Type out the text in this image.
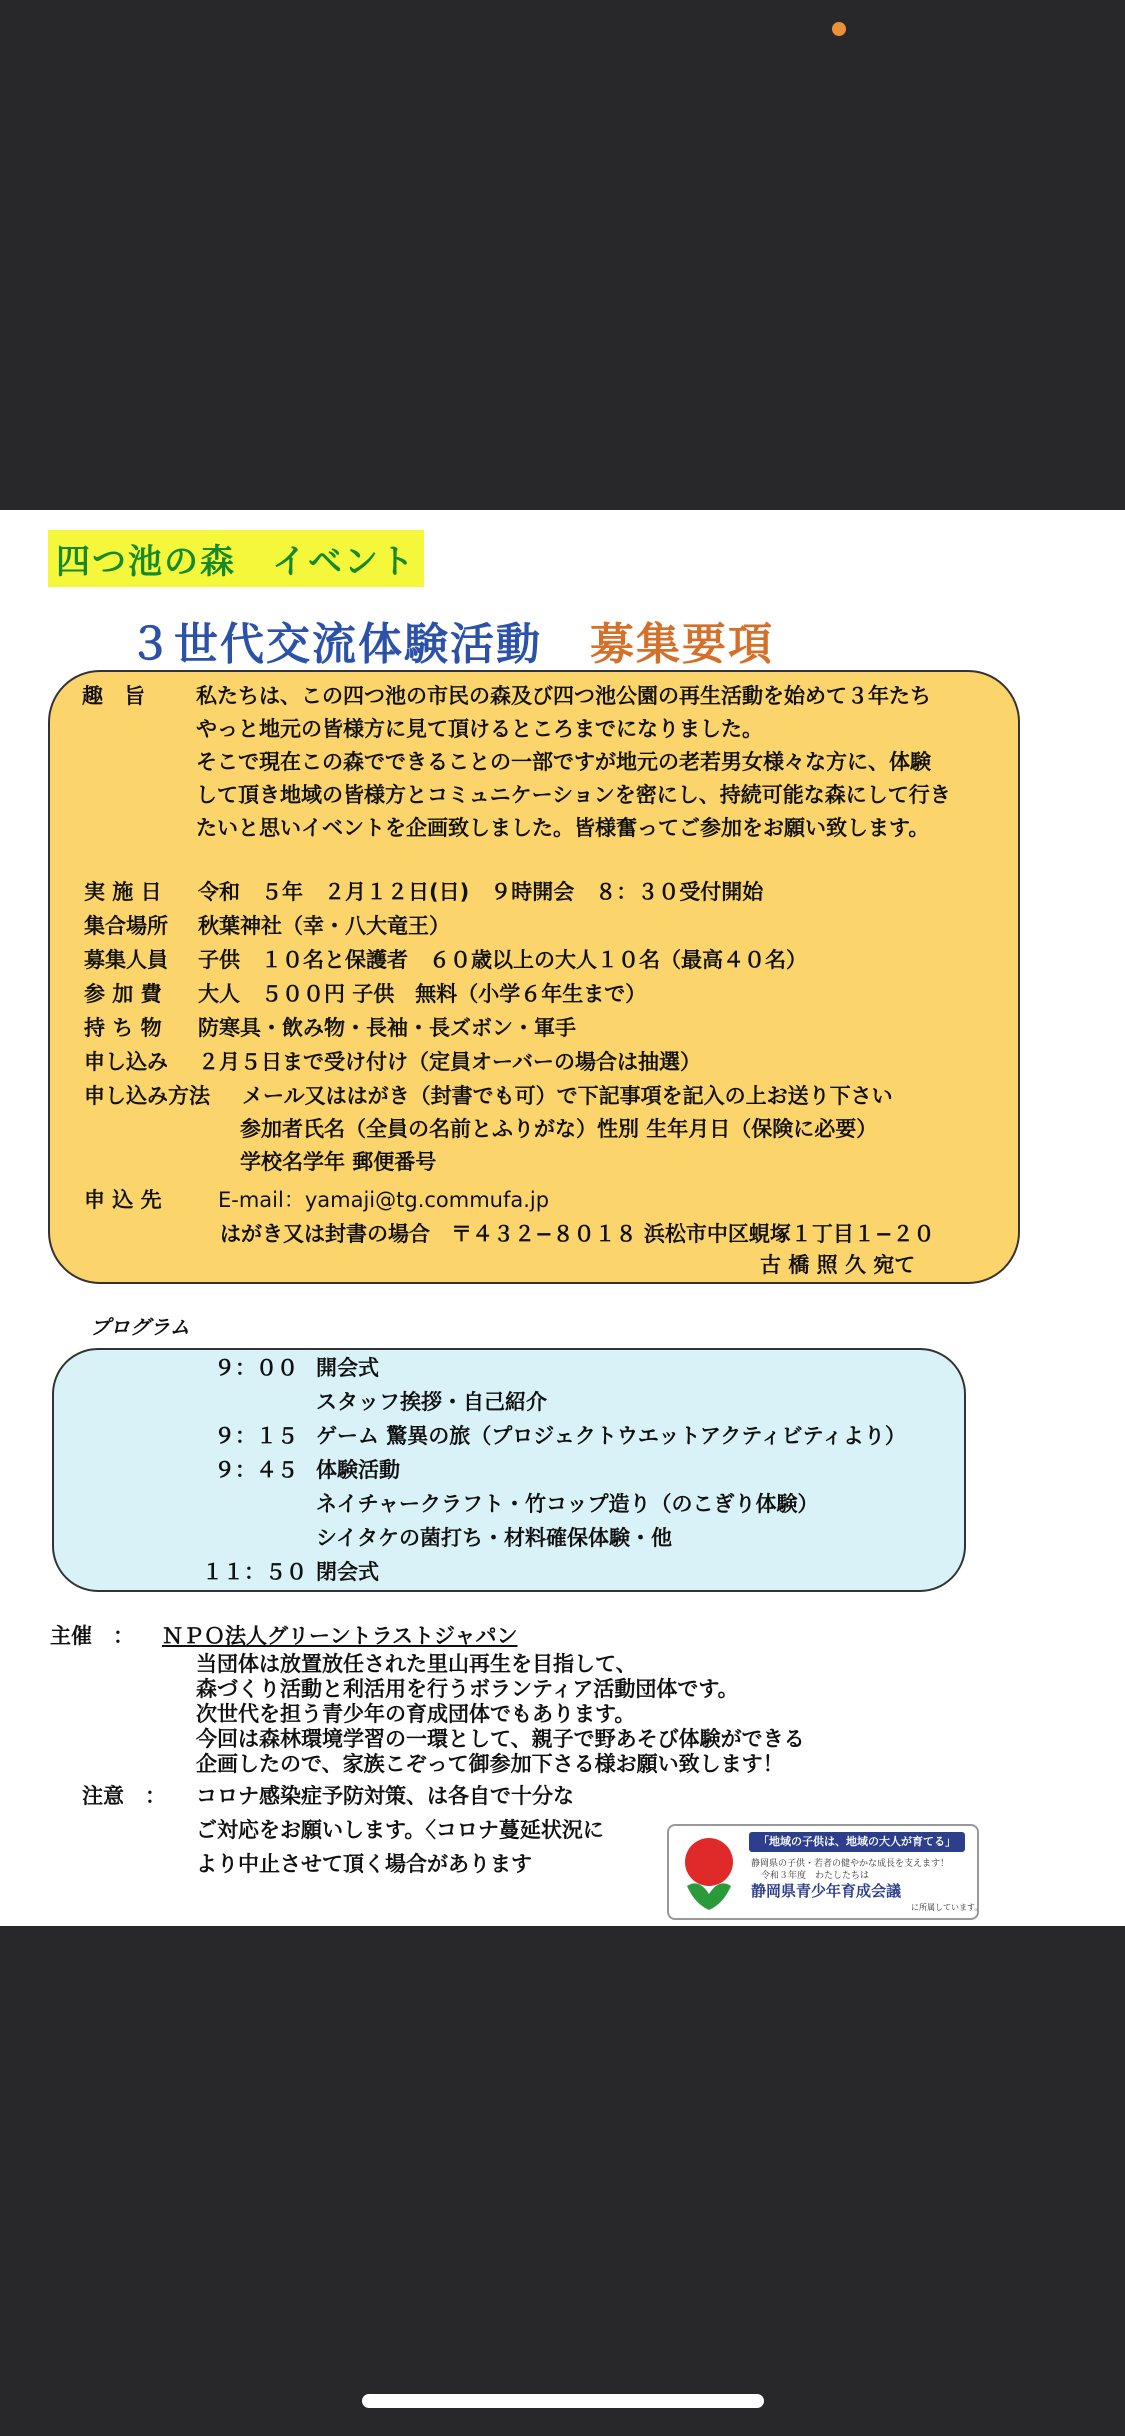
四つ池の森　イベント
３世代交流体験活動 募集要項
趣　旨 私たちは、この四つ池の市民の森及び四つ池公園の再生活動を始めて３年たち
やっと地元の皆様方に見て頂けるところまでになりました。
そこで現在この森でできることの一部ですが地元の老若男女様々な方に、体験
して頂き地域の皆様方とコミュニケーションを密にし、持続可能な森にして行き
たいと思いイベントを企画致しました。皆様奮ってご参加をお願い致します。
実 施 日 令和　５年　２月１２日(日)　９時開会　８：３０受付開始
集合場所 秋葉神社（幸・八大竜王）
募集人員 子供　１０名と保護者　６０歳以上の大人１０名（最高４０名）
参 加 費 大人　５００円 子供　無料（小学６年生まで）
持 ち 物 防寒具・飲み物・長袖・長ズボン・軍手
申し込み ２月５日まで受け付け（定員オーバーの場合は抽選）
申し込み方法 メール又ははがき（封書でも可）で下記事項を記入の上お送り下さい
参加者氏名（全員の名前とふりがな）性別 生年月日（保険に必要）
学校名学年 郵便番号
申 込 先	E-mail：yamaji@tg.commufa.jp
はがき又は封書の場合　〒４３２−８０１８ 浜松市中区蜆塚１丁目１−２０
古 橋 照 久 宛て
プログラム
９：００ 開会式
スタッフ挨拶・自己紹介
９：１５ ゲーム 驚異の旅（プロジェクトウエットアクティビティより）
９：４５ 体験活動
ネイチャークラフト・竹コップ造り（のこぎり体験）
シイタケの菌打ち・材料確保体験・他
１１：５０ 閉会式
主催　： ＮＰＯ法人グリーントラストジャパン
当団体は放置放任された里山再生を目指して、
森づくり活動と利活用を行うボランティア活動団体です。
次世代を担う青少年の育成団体でもあります。
今回は森林環境学習の一環として、親子で野あそび体験ができる
企画したので、家族こぞって御参加下さる様お願い致します！
注意　： コロナ感染症予防対策、は各自で十分な
ご対応をお願いします。〈コロナ蔓延状況に
より中止させて頂く場合があります
「地域の子供は、地域の大人が育てる」
静岡県の子供・若者の健やかな成長を支えます！
令和３年度　わたしたちは
静岡県青少年育成会議
に所属しています。
